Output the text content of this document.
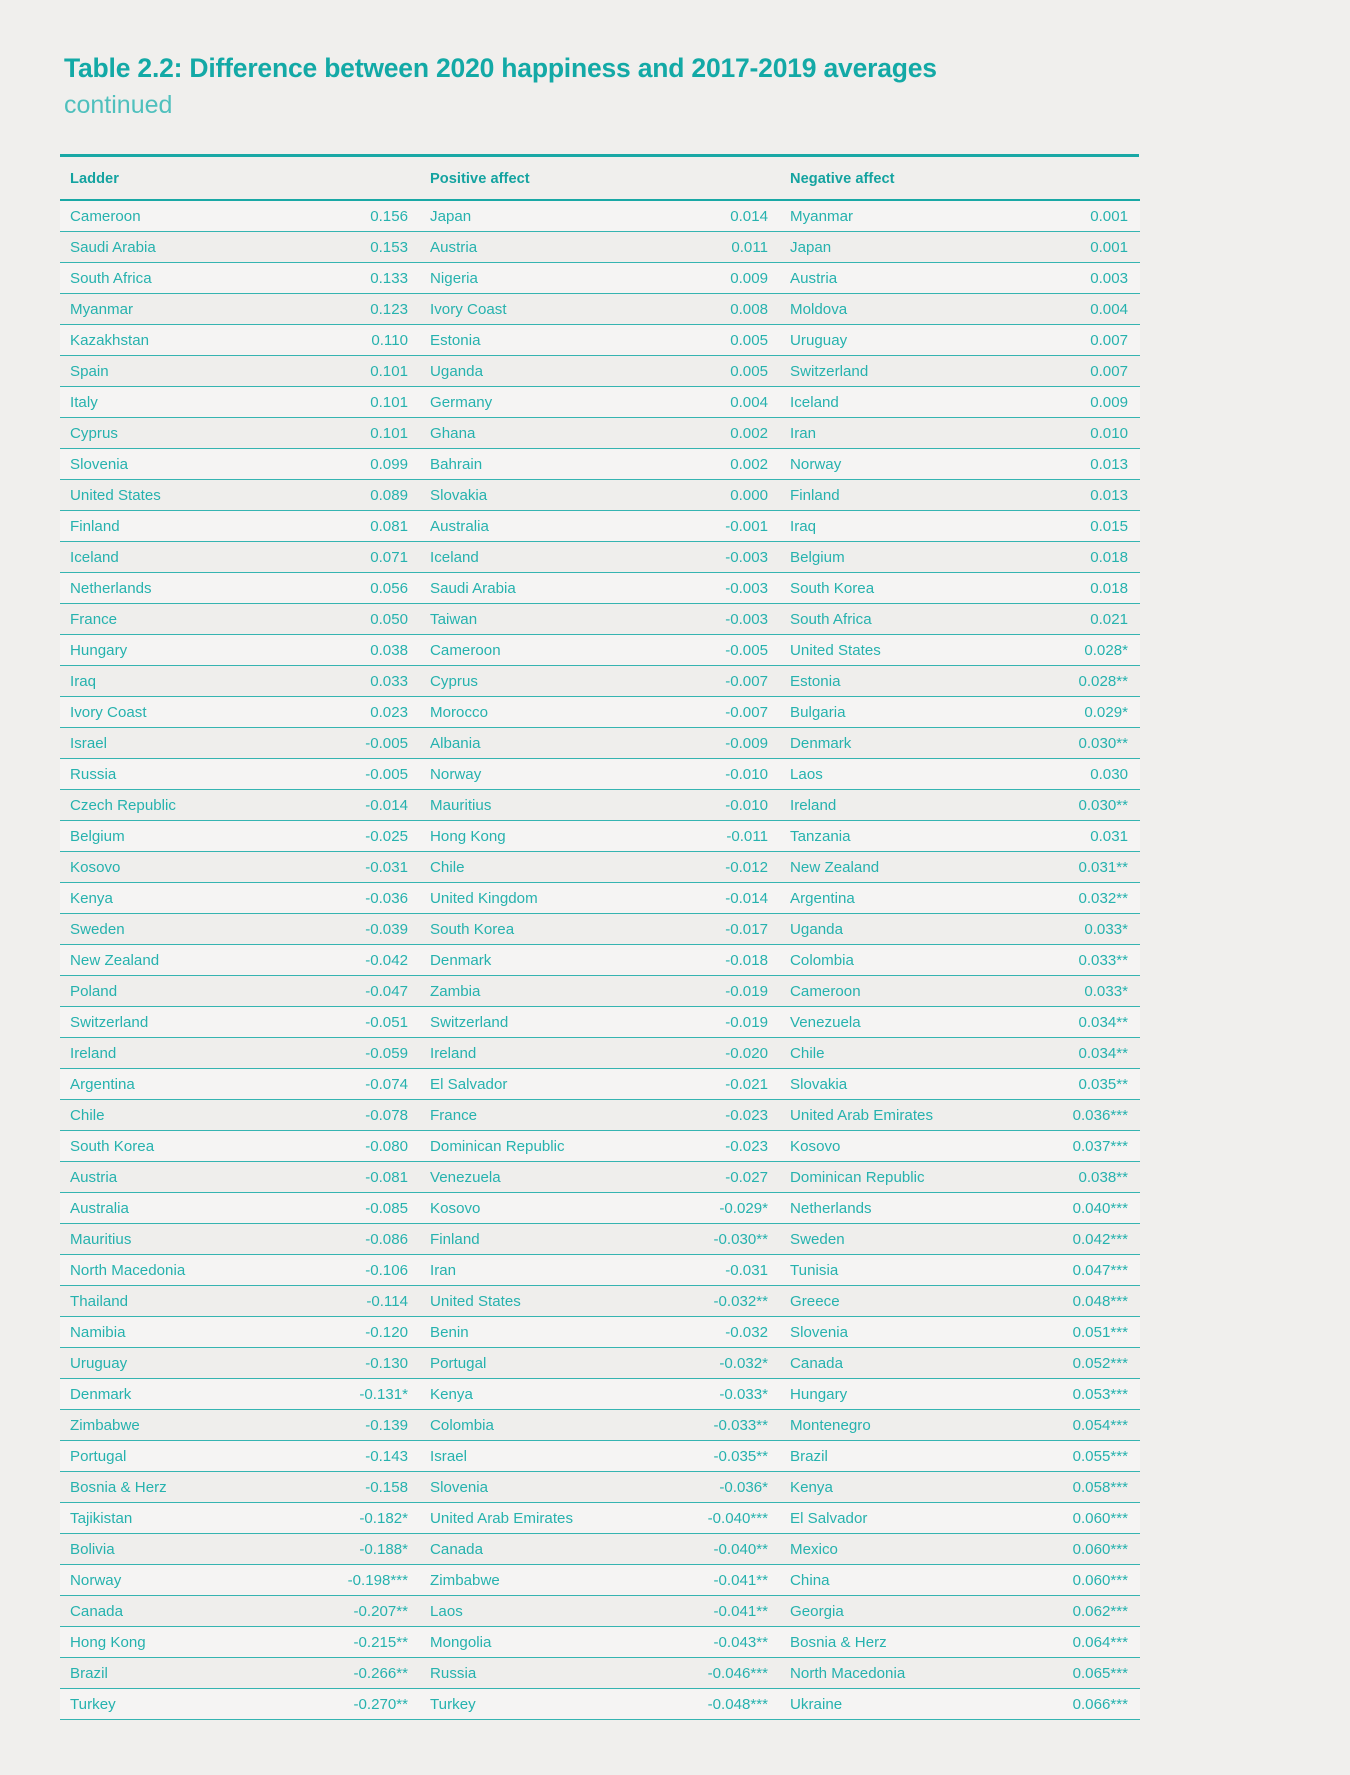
Table 2.2: Difference between 2020 happiness and 2017-2019 averages
continued
Ladder		Positive affect		Negative affect	
Cameroon	0.156	Japan	0.014	Myanmar	0.001
Saudi Arabia	0.153	Austria	0.011	Japan	0.001
South Africa	0.133	Nigeria	0.009	Austria	0.003
Myanmar	0.123	Ivory Coast	0.008	Moldova	0.004
Kazakhstan	0.110	Estonia	0.005	Uruguay	0.007
Spain	0.101	Uganda	0.005	Switzerland	0.007
Italy	0.101	Germany	0.004	Iceland	0.009
Cyprus	0.101	Ghana	0.002	Iran	0.010
Slovenia	0.099	Bahrain	0.002	Norway	0.013
United States	0.089	Slovakia	0.000	Finland	0.013
Finland	0.081	Australia	-0.001	Iraq	0.015
Iceland	0.071	Iceland	-0.003	Belgium	0.018
Netherlands	0.056	Saudi Arabia	-0.003	South Korea	0.018
France	0.050	Taiwan	-0.003	South Africa	0.021
Hungary	0.038	Cameroon	-0.005	United States	0.028*
Iraq	0.033	Cyprus	-0.007	Estonia	0.028**
Ivory Coast	0.023	Morocco	-0.007	Bulgaria	0.029*
Israel	-0.005	Albania	-0.009	Denmark	0.030**
Russia	-0.005	Norway	-0.010	Laos	0.030
Czech Republic	-0.014	Mauritius	-0.010	Ireland	0.030**
Belgium	-0.025	Hong Kong	-0.011	Tanzania	0.031
Kosovo	-0.031	Chile	-0.012	New Zealand	0.031**
Kenya	-0.036	United Kingdom	-0.014	Argentina	0.032**
Sweden	-0.039	South Korea	-0.017	Uganda	0.033*
New Zealand	-0.042	Denmark	-0.018	Colombia	0.033**
Poland	-0.047	Zambia	-0.019	Cameroon	0.033*
Switzerland	-0.051	Switzerland	-0.019	Venezuela	0.034**
Ireland	-0.059	Ireland	-0.020	Chile	0.034**
Argentina	-0.074	El Salvador	-0.021	Slovakia	0.035**
Chile	-0.078	France	-0.023	United Arab Emirates	0.036***
South Korea	-0.080	Dominican Republic	-0.023	Kosovo	0.037***
Austria	-0.081	Venezuela	-0.027	Dominican Republic	0.038**
Australia	-0.085	Kosovo	-0.029*	Netherlands	0.040***
Mauritius	-0.086	Finland	-0.030**	Sweden	0.042***
North Macedonia	-0.106	Iran	-0.031	Tunisia	0.047***
Thailand	-0.114	United States	-0.032**	Greece	0.048***
Namibia	-0.120	Benin	-0.032	Slovenia	0.051***
Uruguay	-0.130	Portugal	-0.032*	Canada	0.052***
Denmark	-0.131*	Kenya	-0.033*	Hungary	0.053***
Zimbabwe	-0.139	Colombia	-0.033**	Montenegro	0.054***
Portugal	-0.143	Israel	-0.035**	Brazil	0.055***
Bosnia & Herz	-0.158	Slovenia	-0.036*	Kenya	0.058***
Tajikistan	-0.182*	United Arab Emirates	-0.040***	El Salvador	0.060***
Bolivia	-0.188*	Canada	-0.040**	Mexico	0.060***
Norway	-0.198***	Zimbabwe	-0.041**	China	0.060***
Canada	-0.207**	Laos	-0.041**	Georgia	0.062***
Hong Kong	-0.215**	Mongolia	-0.043**	Bosnia & Herz	0.064***
Brazil	-0.266**	Russia	-0.046***	North Macedonia	0.065***
Turkey	-0.270**	Turkey	-0.048***	Ukraine	0.066***
